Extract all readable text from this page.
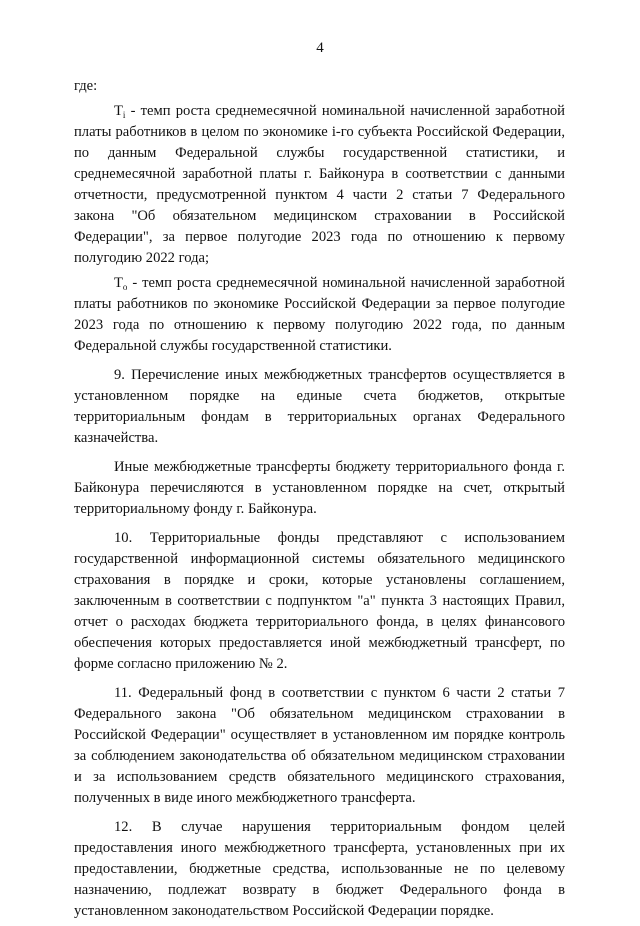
4

где:

$T_i$ - темп роста среднемесячной номинальной начисленной заработной платы работников в целом по экономике i-го субъекта Российской Федерации, по данным Федеральной службы государственной статистики, и среднемесячной заработной платы г. Байконура в соответствии с данными отчетности, предусмотренной пунктом 4 части 2 статьи 7 Федерального закона "Об обязательном медицинском страховании в Российской Федерации", за первое полугодие 2023 года по отношению к первому полугодию 2022 года;

$T_o$ - темп роста среднемесячной номинальной начисленной заработной платы работников по экономике Российской Федерации за первое полугодие 2023 года по отношению к первому полугодию 2022 года, по данным Федеральной службы государственной статистики.

9. Перечисление иных межбюджетных трансфертов осуществляется в установленном порядке на единые счета бюджетов, открытые территориальным фондам в территориальных органах Федерального казначейства.

Иные межбюджетные трансферты бюджету территориального фонда г. Байконура перечисляются в установленном порядке на счет, открытый территориальному фонду г. Байконура.

10. Территориальные фонды представляют с использованием государственной информационной системы обязательного медицинского страхования в порядке и сроки, которые установлены соглашением, заключенным в соответствии с подпунктом "а" пункта 3 настоящих Правил, отчет о расходах бюджета территориального фонда, в целях финансового обеспечения которых предоставляется иной межбюджетный трансферт, по форме согласно приложению № 2.

11. Федеральный фонд в соответствии с пунктом 6 части 2 статьи 7 Федерального закона "Об обязательном медицинском страховании в Российской Федерации" осуществляет в установленном им порядке контроль за соблюдением законодательства об обязательном медицинском страховании и за использованием средств обязательного медицинского страхования, полученных в виде иного межбюджетного трансферта.

12. В случае нарушения территориальным фондом целей предоставления иного межбюджетного трансферта, установленных при их предоставлении, бюджетные средства, использованные не по целевому назначению, подлежат возврату в бюджет Федерального фонда в установленном законодательством Российской Федерации порядке.
